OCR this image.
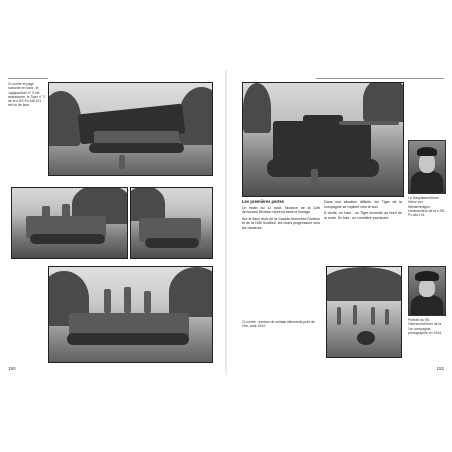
Ci-contre et page suivante en haut : le Jagdpanther n° 3 est abandonné, le Tiger n° 2 de la s.SS-Pz.Abt.101 est vu de face.
150
Le Hauptsturmführer Heinz von Westernhagen, commandeur de la s.SS-Pz.Abt.101.
Les premières pertes

Le matin du 11 août, l'avance de la 11th Armoured Division reprend dans le bocage.

Sur le flanc droit de la Guards Armoured Division et de la 15th Scottish, les chars progressent vers les hauteurs.

Dans une situation difficile, les Tiger de la compagnie se replient vers le sud.

À droite, en haut : un Tiger incendié au bord de la route. En bas : un cimetière provisoire.

Portrait du SS-Obersturmführer de la 1re compagnie, photographié en 1944.
Ci-contre : tombes de soldats allemands près de Vire, août 1944.
152
